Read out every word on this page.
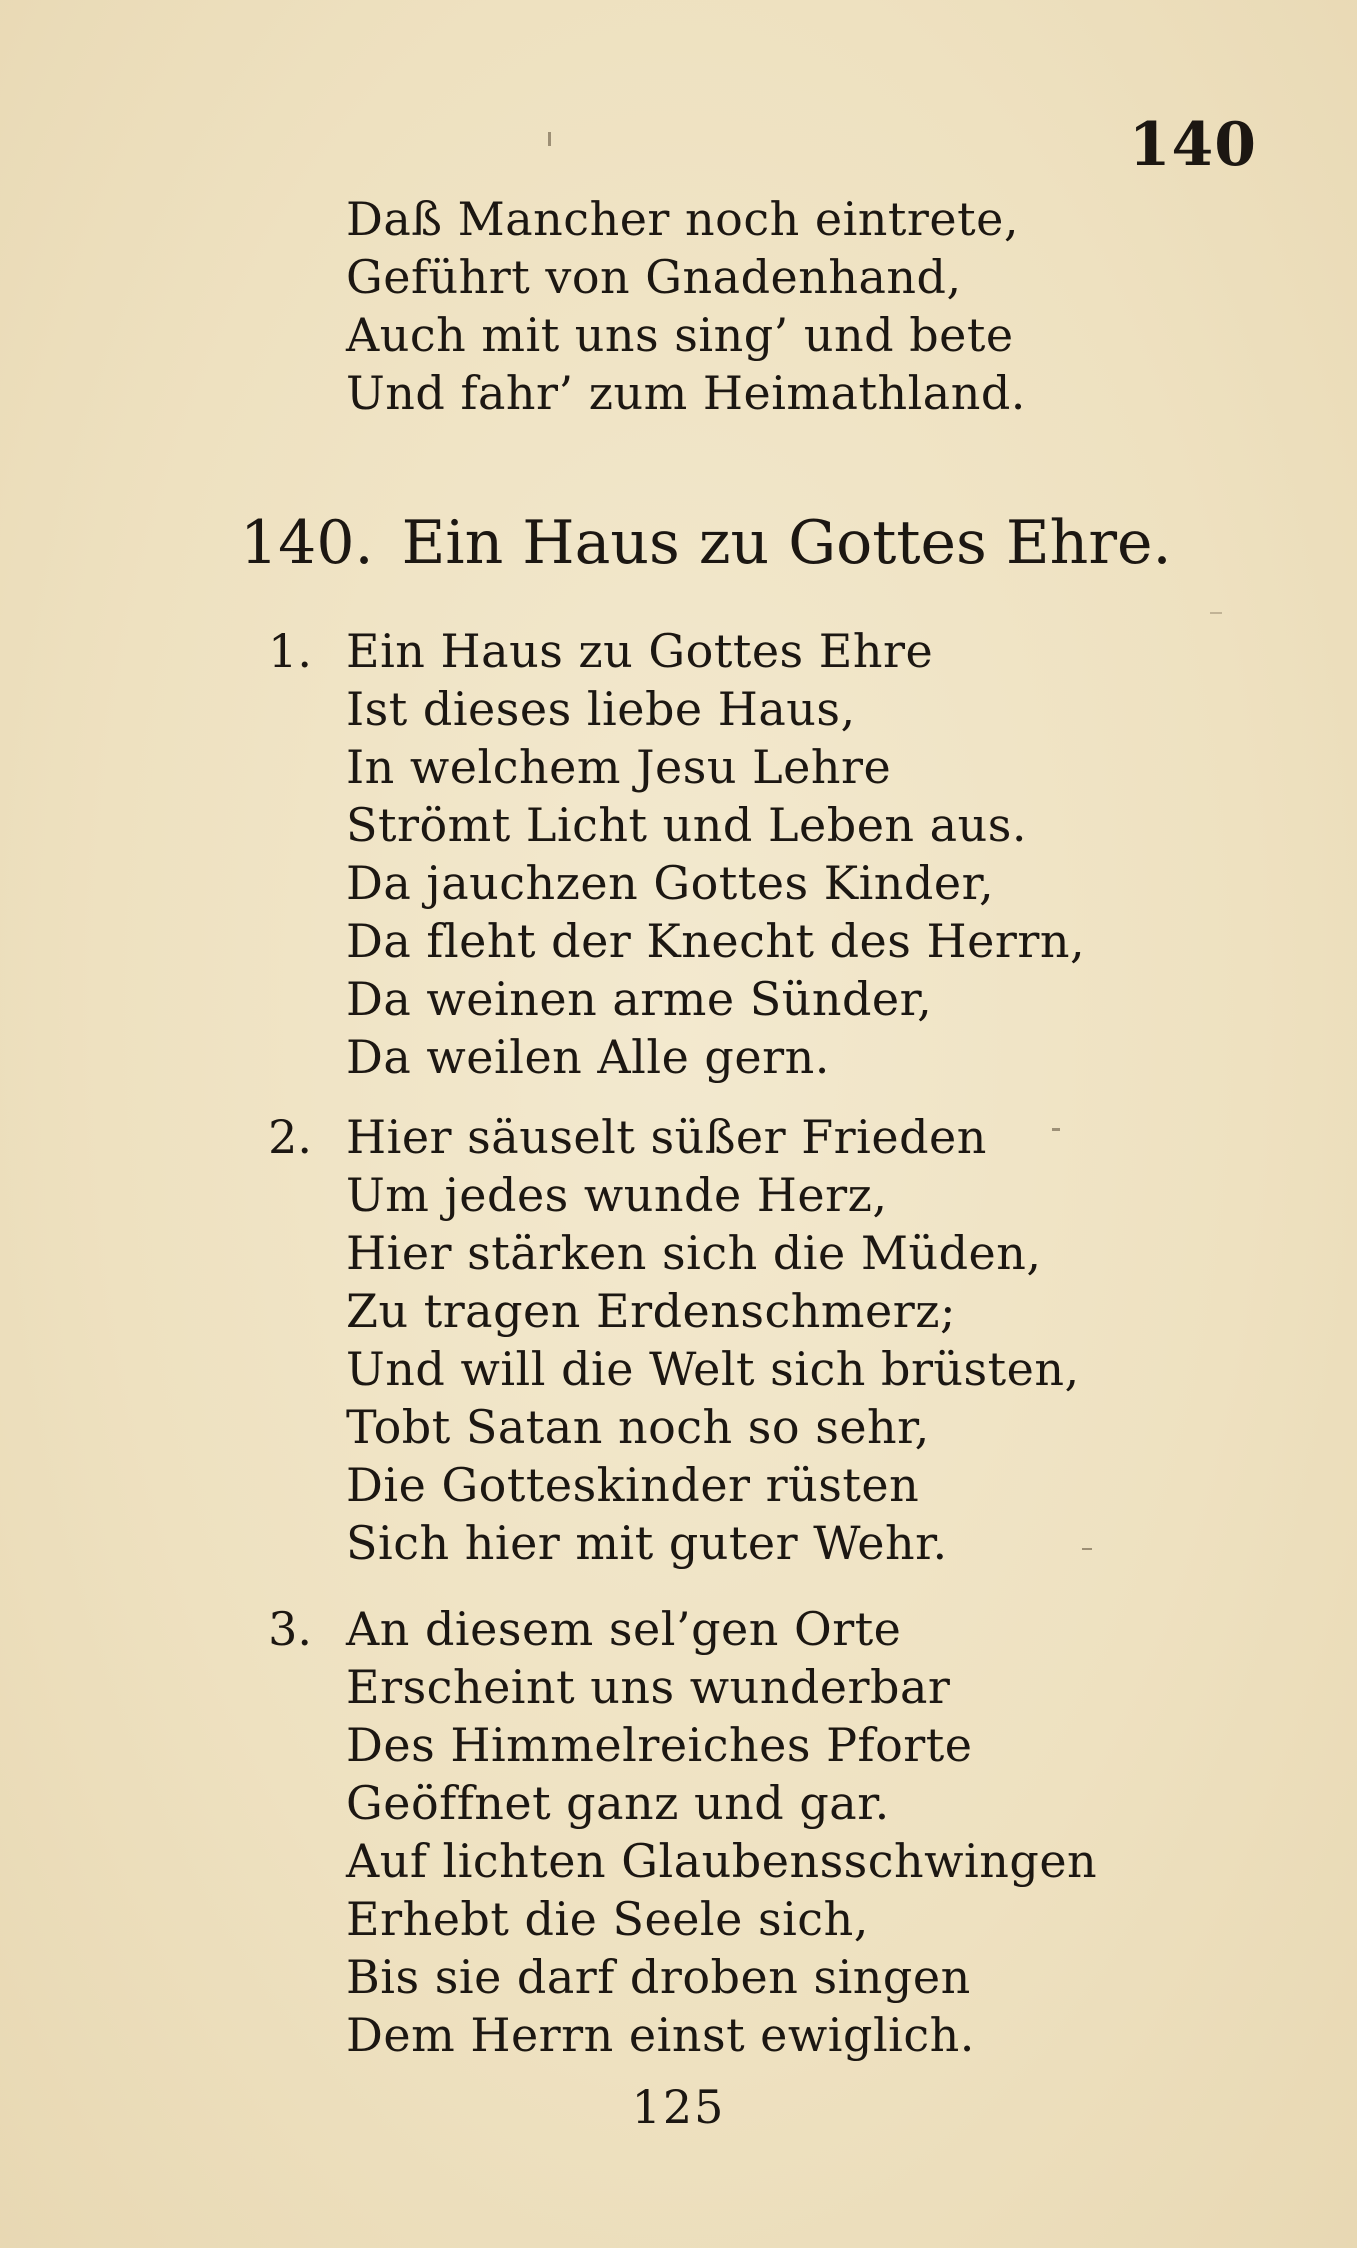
140
Daß Mancher noch eintrete,
Geführt von Gnadenhand,
Auch mit uns sing’ und bete
Und fahr’ zum Heimathland.
140. Ein Haus zu Gottes Ehre.
1. Ein Haus zu Gottes Ehre
Ist dieses liebe Haus,
In welchem Jesu Lehre
Strömt Licht und Leben aus.
Da jauchzen Gottes Kinder,
Da fleht der Knecht des Herrn,
Da weinen arme Sünder,
Da weilen Alle gern.
2. Hier säuselt süßer Frieden
Um jedes wunde Herz,
Hier stärken sich die Müden,
Zu tragen Erdenschmerz;
Und will die Welt sich brüsten,
Tobt Satan noch so sehr,
Die Gotteskinder rüsten
Sich hier mit guter Wehr.
3. An diesem sel’gen Orte
Erscheint uns wunderbar
Des Himmelreiches Pforte
Geöffnet ganz und gar.
Auf lichten Glaubensschwingen
Erhebt die Seele sich,
Bis sie darf droben singen
Dem Herrn einst ewiglich.
125
